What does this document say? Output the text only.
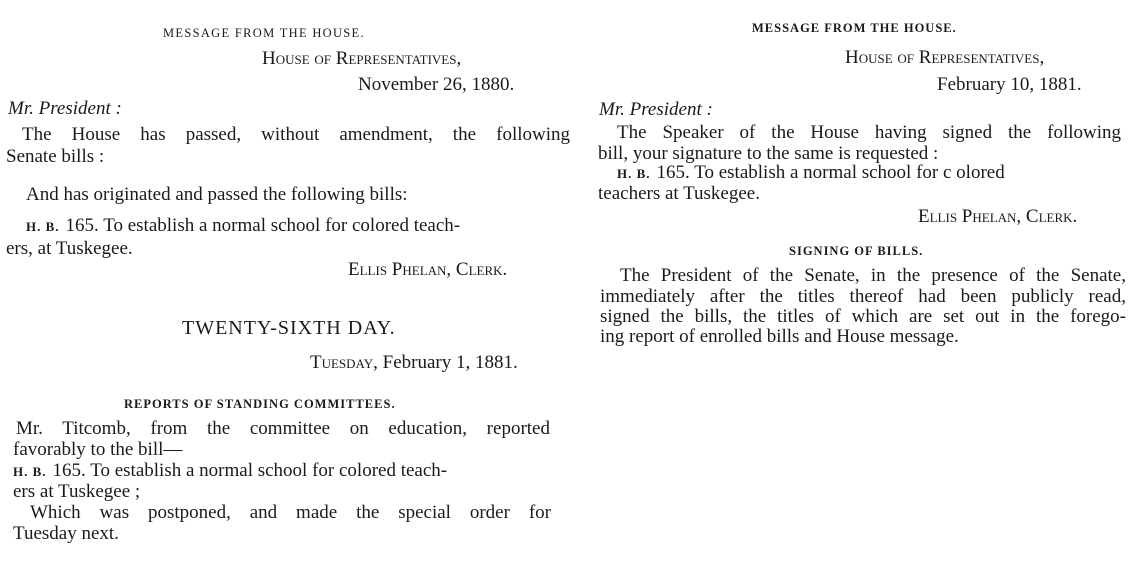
MESSAGE FROM THE HOUSE.
House of Representatives,
November 26, 1880.
Mr. President :
The House has passed, without amendment, the following
Senate bills :
And has originated and passed the following bills:
H. B. 165. To establish a normal school for colored teach-
ers, at Tuskegee.
Ellis Phelan, Clerk.
TWENTY-SIXTH DAY.
Tuesday, February 1, 1881.
REPORTS OF STANDING COMMITTEES.
Mr. Titcomb, from the committee on education, reported
favorably to the bill—
H. B. 165. To establish a normal school for colored teach-
ers at Tuskegee ;
Which was postponed, and made the special order for
Tuesday next.
MESSAGE FROM THE HOUSE.
House of Representatives,
February 10, 1881.
Mr. President :
The Speaker of the House having signed the following
bill, your signature to the same is requested :
H. B. 165. To establish a normal school for c olored
teachers at Tuskegee.
Ellis Phelan, Clerk.
SIGNING OF BILLS.
The President of the Senate, in the presence of the Senate,
immediately after the titles thereof had been publicly read,
signed the bills, the titles of which are set out in the forego-
ing report of enrolled bills and House message.
